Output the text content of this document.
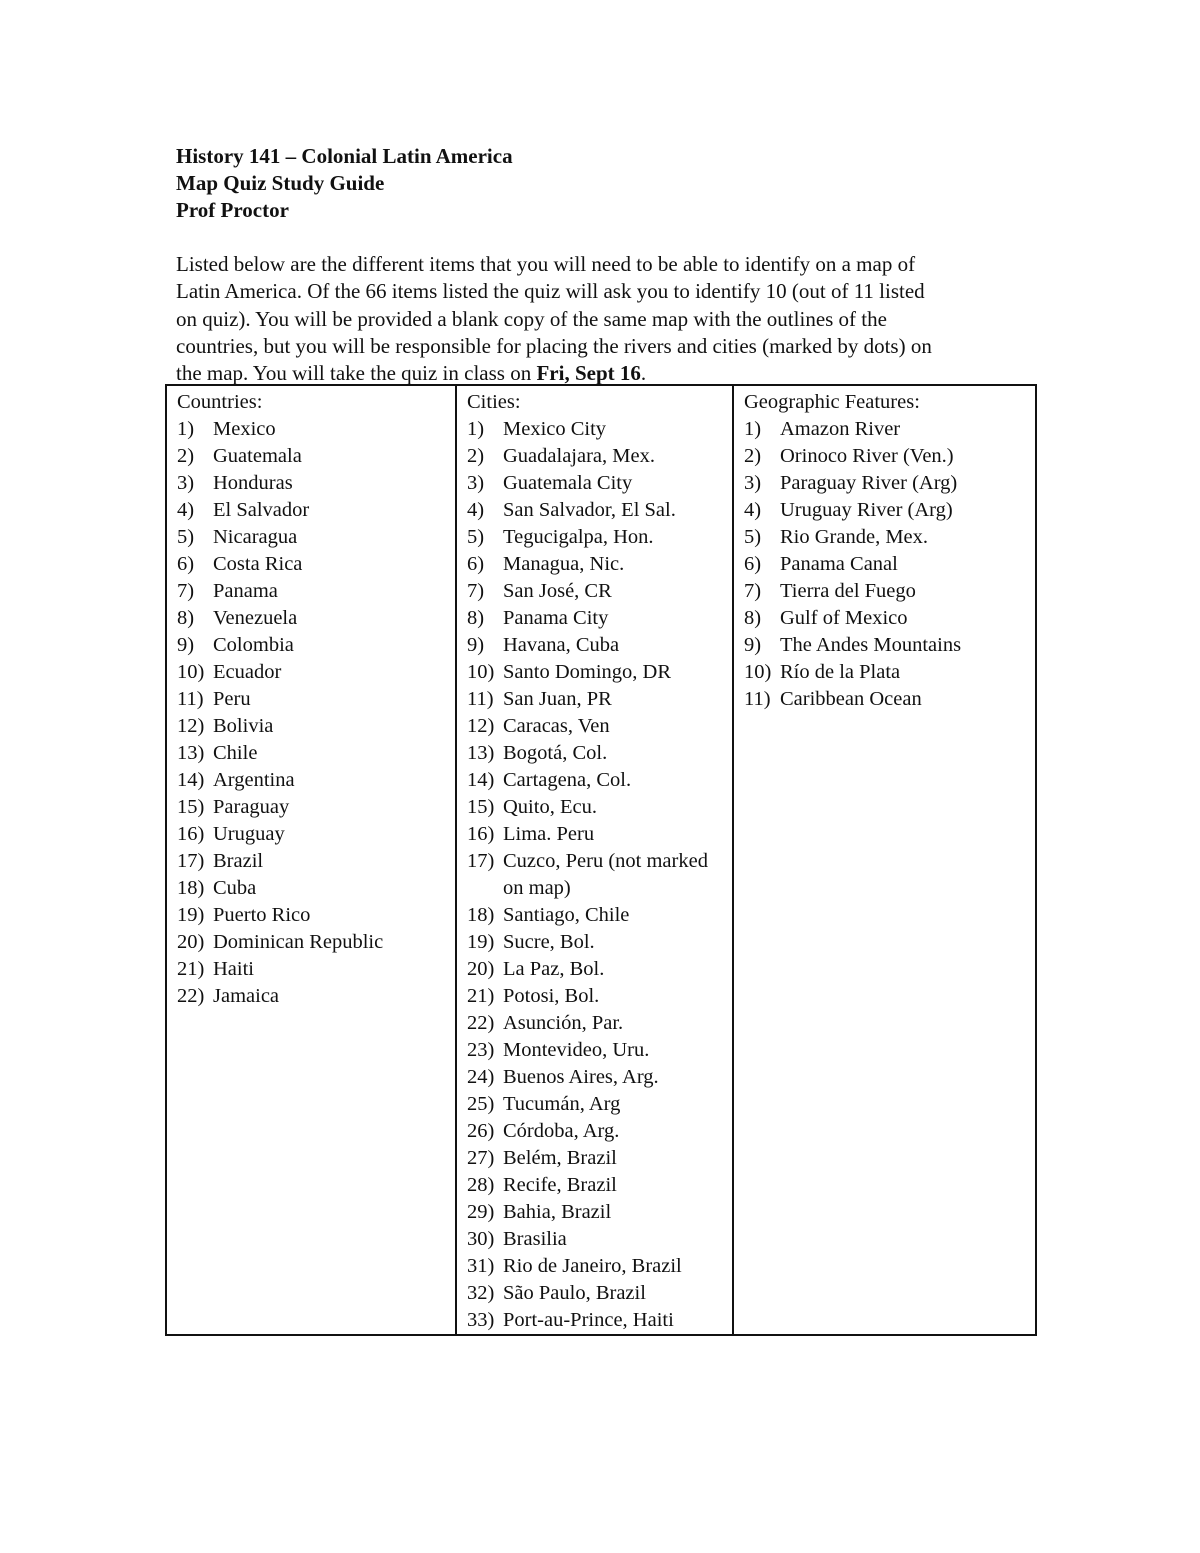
History 141 – Colonial Latin America
Map Quiz Study Guide
Prof Proctor
Listed below are the different items that you will need to be able to identify on a map of
Latin America. Of the 66 items listed the quiz will ask you to identify 10 (out of 11 listed
on quiz). You will be provided a blank copy of the same map with the outlines of the
countries, but you will be responsible for placing the rivers and cities (marked by dots) on
the map. You will take the quiz in class on Fri, Sept 16.
Countries:
1) Mexico
2) Guatemala
3) Honduras
4) El Salvador
5) Nicaragua
6) Costa Rica
7) Panama
8) Venezuela
9) Colombia
10) Ecuador
11) Peru
12) Bolivia
13) Chile
14) Argentina
15) Paraguay
16) Uruguay
17) Brazil
18) Cuba
19) Puerto Rico
20) Dominican Republic
21) Haiti
22) Jamaica

Cities:
1) Mexico City
2) Guadalajara, Mex.
3) Guatemala City
4) San Salvador, El Sal.
5) Tegucigalpa, Hon.
6) Managua, Nic.
7) San José, CR
8) Panama City
9) Havana, Cuba
10) Santo Domingo, DR
11) San Juan, PR
12) Caracas, Ven
13) Bogotá, Col.
14) Cartagena, Col.
15) Quito, Ecu.
16) Lima. Peru
17) Cuzco, Peru (not marked on map)
18) Santiago, Chile
19) Sucre, Bol.
20) La Paz, Bol.
21) Potosi, Bol.
22) Asunción, Par.
23) Montevideo, Uru.
24) Buenos Aires, Arg.
25) Tucumán, Arg
26) Córdoba, Arg.
27) Belém, Brazil
28) Recife, Brazil
29) Bahia, Brazil
30) Brasilia
31) Rio de Janeiro, Brazil
32) São Paulo, Brazil
33) Port-au-Prince, Haiti

Geographic Features:
1) Amazon River
2) Orinoco River (Ven.)
3) Paraguay River (Arg)
4) Uruguay River (Arg)
5) Rio Grande, Mex.
6) Panama Canal
7) Tierra del Fuego
8) Gulf of Mexico
9) The Andes Mountains
10) Río de la Plata
11) Caribbean Ocean
